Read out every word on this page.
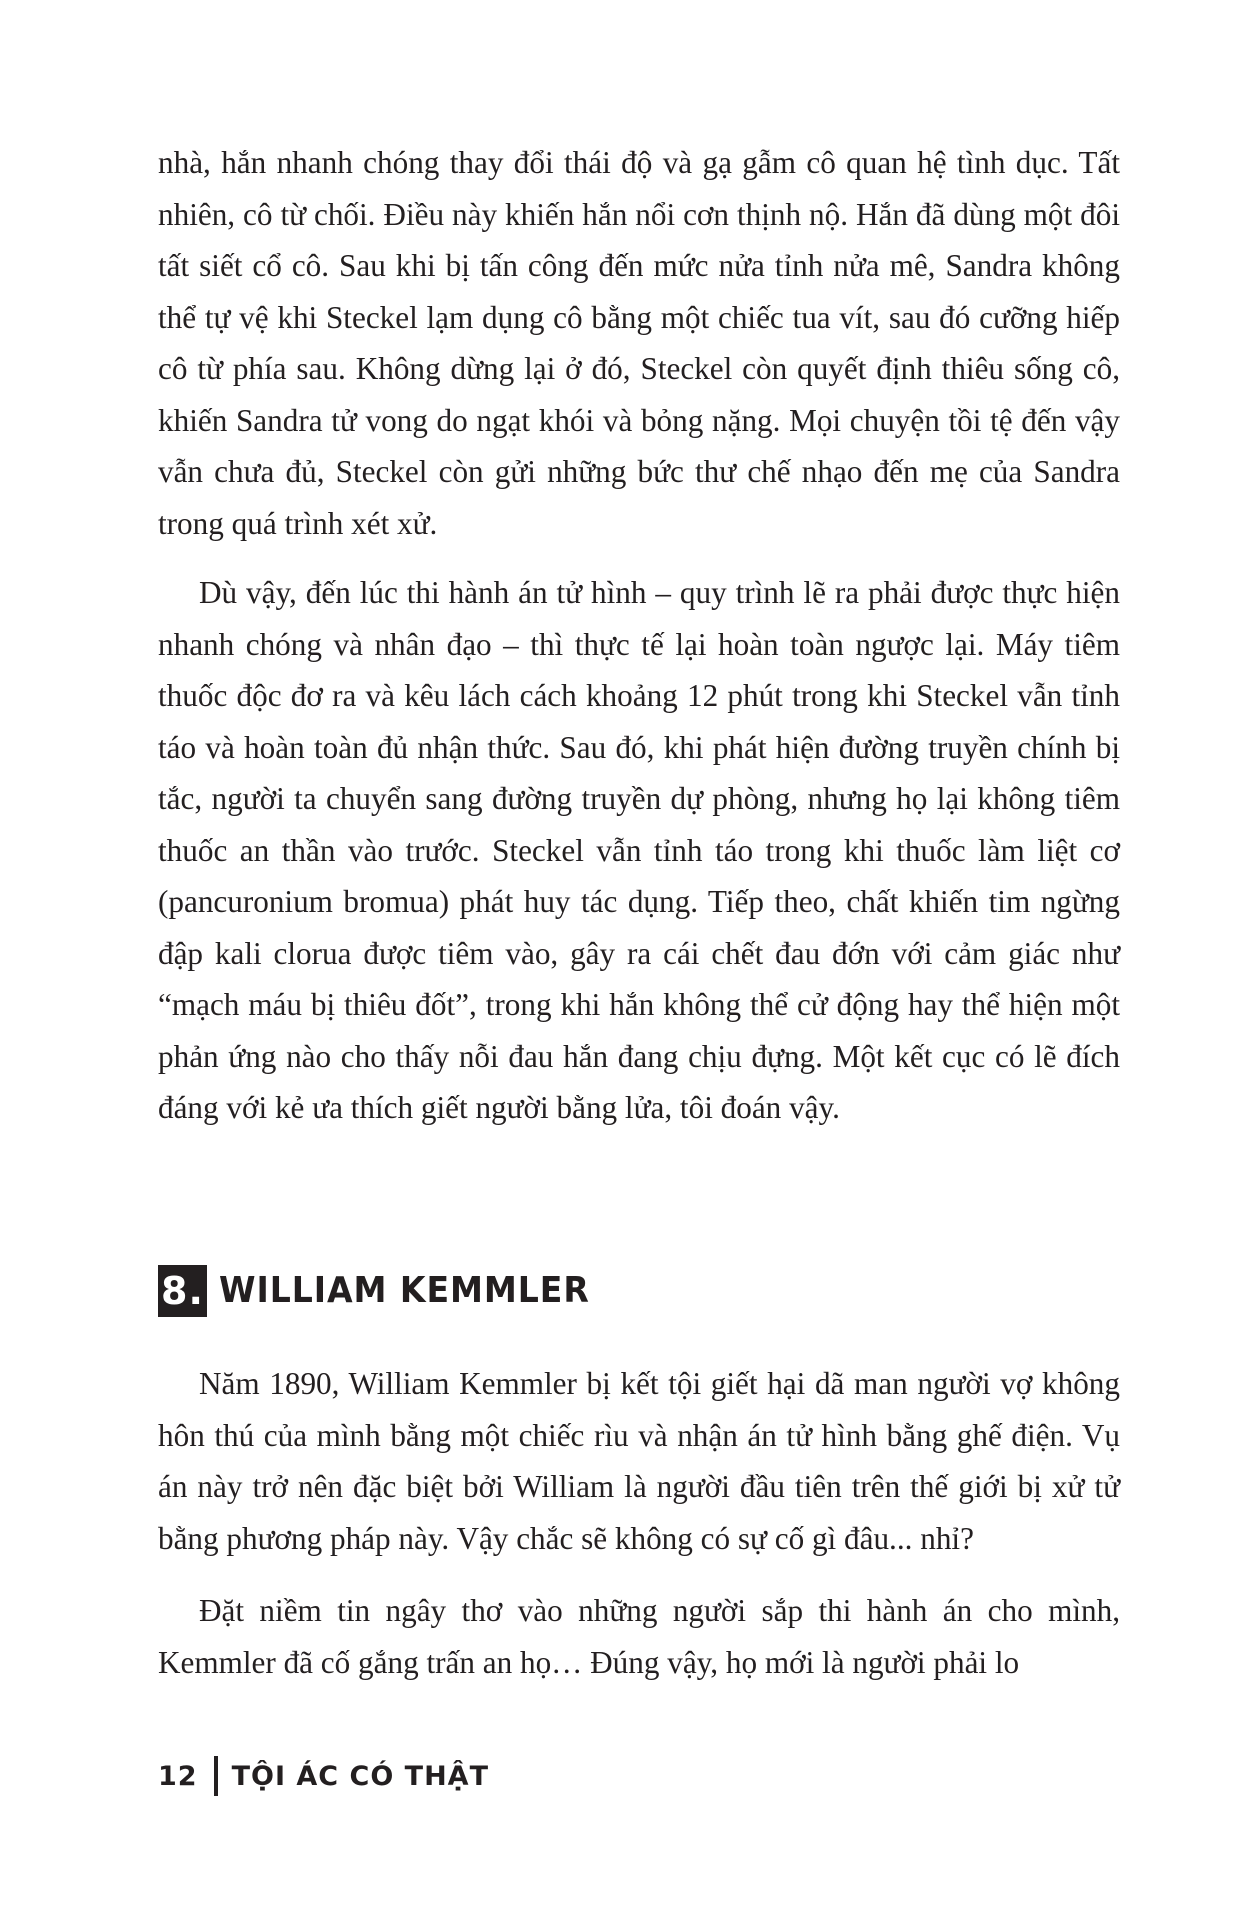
nhà, hắn nhanh chóng thay đổi thái độ và gạ gẫm cô quan hệ tình dục. Tất nhiên, cô từ chối. Điều này khiến hắn nổi cơn thịnh nộ. Hắn đã dùng một đôi tất siết cổ cô. Sau khi bị tấn công đến mức nửa tỉnh nửa mê, Sandra không thể tự vệ khi Steckel lạm dụng cô bằng một chiếc tua vít, sau đó cưỡng hiếp cô từ phía sau. Không dừng lại ở đó, Steckel còn quyết định thiêu sống cô, khiến Sandra tử vong do ngạt khói và bỏng nặng. Mọi chuyện tồi tệ đến vậy vẫn chưa đủ, Steckel còn gửi những bức thư chế nhạo đến mẹ của Sandra trong quá trình xét xử.

Dù vậy, đến lúc thi hành án tử hình – quy trình lẽ ra phải được thực hiện nhanh chóng và nhân đạo – thì thực tế lại hoàn toàn ngược lại. Máy tiêm thuốc độc đơ ra và kêu lách cách khoảng 12 phút trong khi Steckel vẫn tỉnh táo và hoàn toàn đủ nhận thức. Sau đó, khi phát hiện đường truyền chính bị tắc, người ta chuyển sang đường truyền dự phòng, nhưng họ lại không tiêm thuốc an thần vào trước. Steckel vẫn tỉnh táo trong khi thuốc làm liệt cơ (pancuronium bromua) phát huy tác dụng. Tiếp theo, chất khiến tim ngừng đập kali clorua được tiêm vào, gây ra cái chết đau đớn với cảm giác như “mạch máu bị thiêu đốt”, trong khi hắn không thể cử động hay thể hiện một phản ứng nào cho thấy nỗi đau hắn đang chịu đựng. Một kết cục có lẽ đích đáng với kẻ ưa thích giết người bằng lửa, tôi đoán vậy.

8. WILLIAM KEMMLER

Năm 1890, William Kemmler bị kết tội giết hại dã man người vợ không hôn thú của mình bằng một chiếc rìu và nhận án tử hình bằng ghế điện. Vụ án này trở nên đặc biệt bởi William là người đầu tiên trên thế giới bị xử tử bằng phương pháp này. Vậy chắc sẽ không có sự cố gì đâu... nhỉ?

Đặt niềm tin ngây thơ vào những người sắp thi hành án cho mình, Kemmler đã cố gắng trấn an họ… Đúng vậy, họ mới là người phải lo

12 TỘI ÁC CÓ THẬT
